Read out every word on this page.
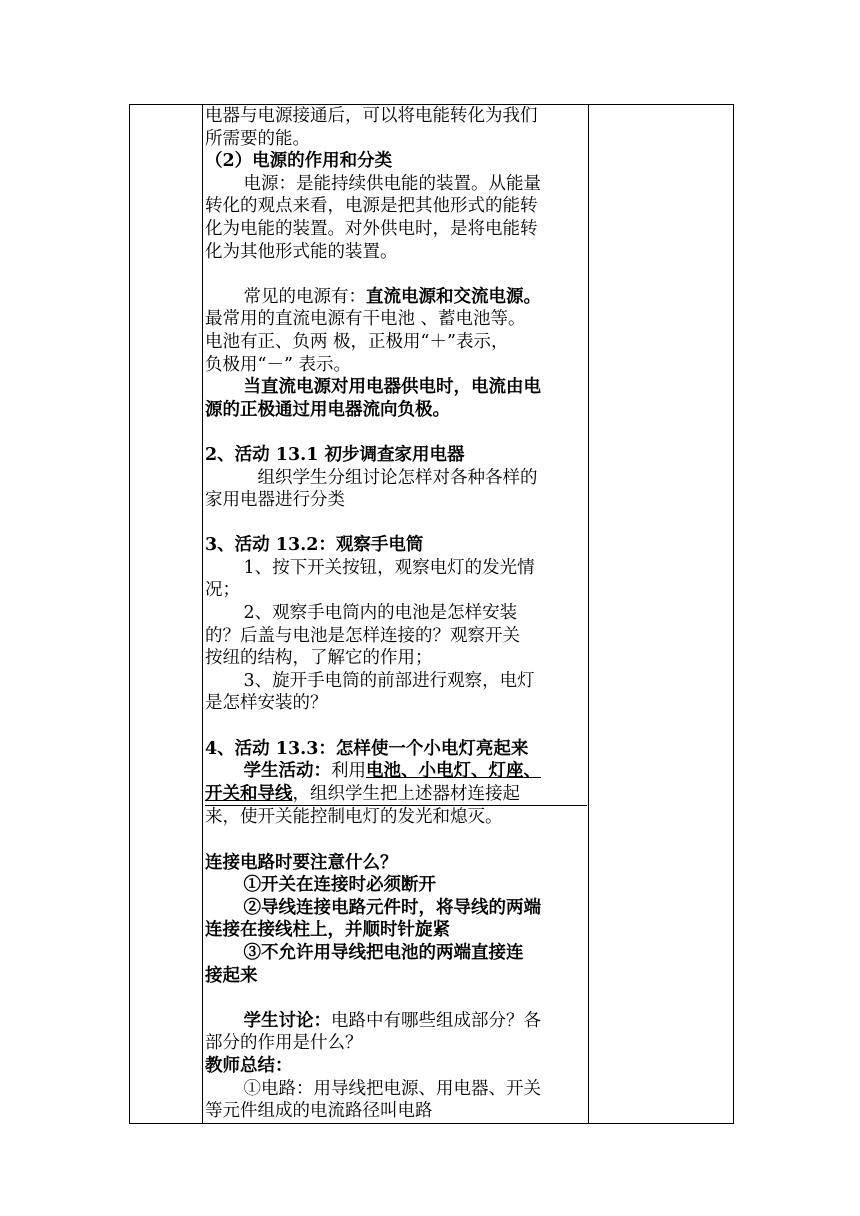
电器与电源接通后，可以将电能转化为我们

所需要的能。

（2）电源的作用和分类

电源：是能持续供电能的装置。从能量

转化的观点来看，电源是把其他形式的能转

化为电能的装置。对外供电时，是将电能转

化为其他形式能的装置。

常见的电源有：直流电源和交流电源。

最常用的直流电源有干电池 、蓄电池等。

电池有正、负两 极，正极用“＋”表示，

负极用“－” 表示。

当直流电源对用电器供电时，电流由电

源的正极通过用电器流向负极。

2、活动 13.1 初步调查家用电器

组织学生分组讨论怎样对各种各样的

家用电器进行分类

3、活动 13.2：观察手电筒

1、按下开关按钮，观察电灯的发光情

况；

2、观察手电筒内的电池是怎样安装

的？后盖与电池是怎样连接的？观察开关

按纽的结构，了解它的作用；

3、旋开手电筒的前部进行观察，电灯

是怎样安装的？

4、活动 13.3：怎样使一个小电灯亮起来

学生活动：利用电池、小电灯、灯座、

开关和导线，组织学生把上述器材连接起

来，使开关能控制电灯的发光和熄灭。

连接电路时要注意什么？

①开关在连接时必须断开

②导线连接电路元件时，将导线的两端

连接在接线柱上，并顺时针旋紧

③不允许用导线把电池的两端直接连

接起来

学生讨论：电路中有哪些组成部分？各

部分的作用是什么？

教师总结：

①电路：用导线把电源、用电器、开关

等元件组成的电流路径叫电路
